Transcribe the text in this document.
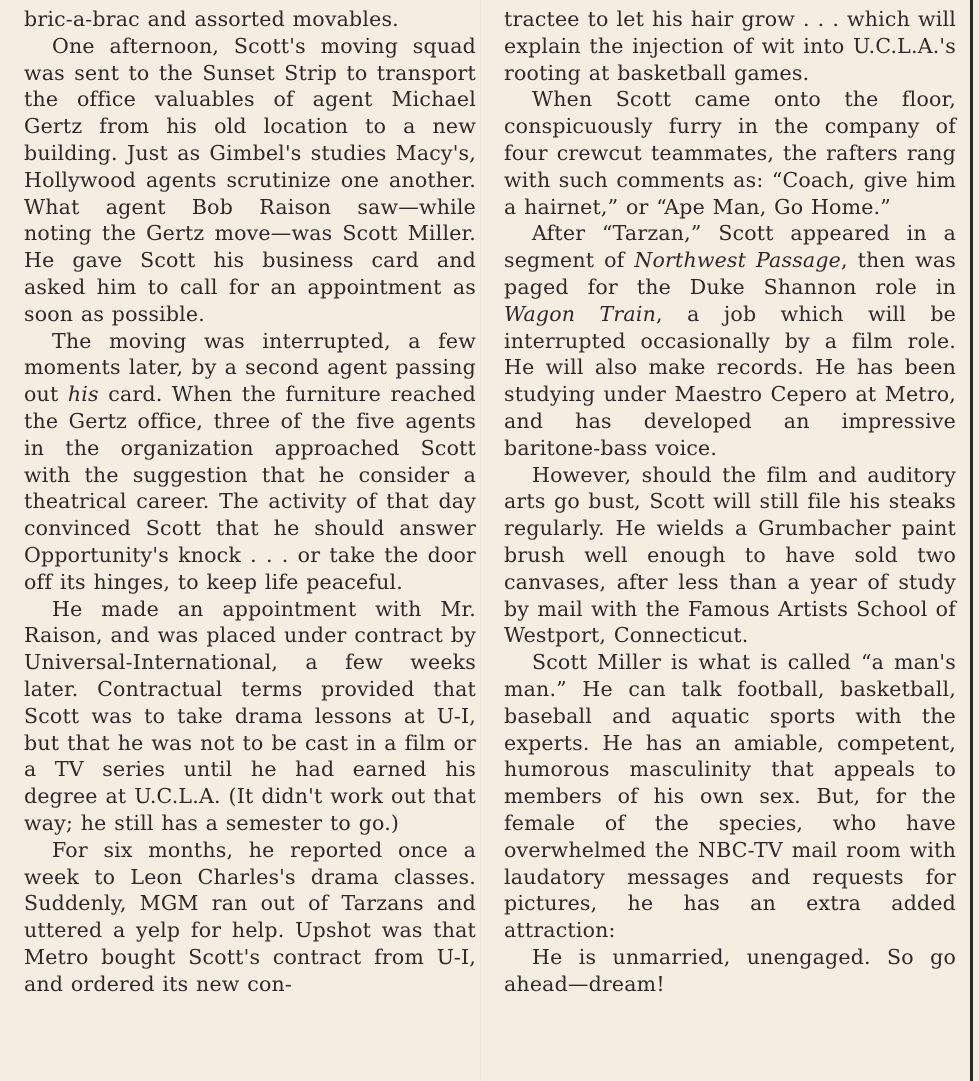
bric-a-brac and assorted movables.

One afternoon, Scott's moving squad was sent to the Sunset Strip to transport the office valuables of agent Michael Gertz from his old location to a new building. Just as Gimbel's studies Macy's, Hollywood agents scrutinize one another. What agent Bob Raison saw—while noting the Gertz move—was Scott Miller. He gave Scott his business card and asked him to call for an appointment as soon as possible.

The moving was interrupted, a few moments later, by a second agent passing out his card. When the furniture reached the Gertz office, three of the five agents in the organization approached Scott with the suggestion that he consider a theatrical career. The activity of that day convinced Scott that he should answer Opportunity's knock . . . or take the door off its hinges, to keep life peaceful.

He made an appointment with Mr. Raison, and was placed under contract by Universal-International, a few weeks later. Contractual terms provided that Scott was to take drama lessons at U-I, but that he was not to be cast in a film or a TV series until he had earned his degree at U.C.L.A. (It didn't work out that way; he still has a semester to go.)

For six months, he reported once a week to Leon Charles's drama classes. Suddenly, MGM ran out of Tarzans and uttered a yelp for help. Upshot was that Metro bought Scott's contract from U-I, and ordered its new con-

tractee to let his hair grow . . . which will explain the injection of wit into U.C.L.A.'s rooting at basketball games.

When Scott came onto the floor, conspicuously furry in the company of four crewcut teammates, the rafters rang with such comments as: “Coach, give him a hairnet,” or “Ape Man, Go Home.”

After “Tarzan,” Scott appeared in a segment of Northwest Passage, then was paged for the Duke Shannon role in Wagon Train, a job which will be interrupted occasionally by a film role. He will also make records. He has been studying under Maestro Cepero at Metro, and has developed an impressive baritone-bass voice.

However, should the film and auditory arts go bust, Scott will still file his steaks regularly. He wields a Grumbacher paint brush well enough to have sold two canvases, after less than a year of study by mail with the Famous Artists School of Westport, Connecticut.

Scott Miller is what is called “a man's man.” He can talk football, basketball, baseball and aquatic sports with the experts. He has an amiable, competent, humorous masculinity that appeals to members of his own sex. But, for the female of the species, who have overwhelmed the NBC-TV mail room with laudatory messages and requests for pictures, he has an extra added attraction:

He is unmarried, unengaged. So go ahead—dream!
